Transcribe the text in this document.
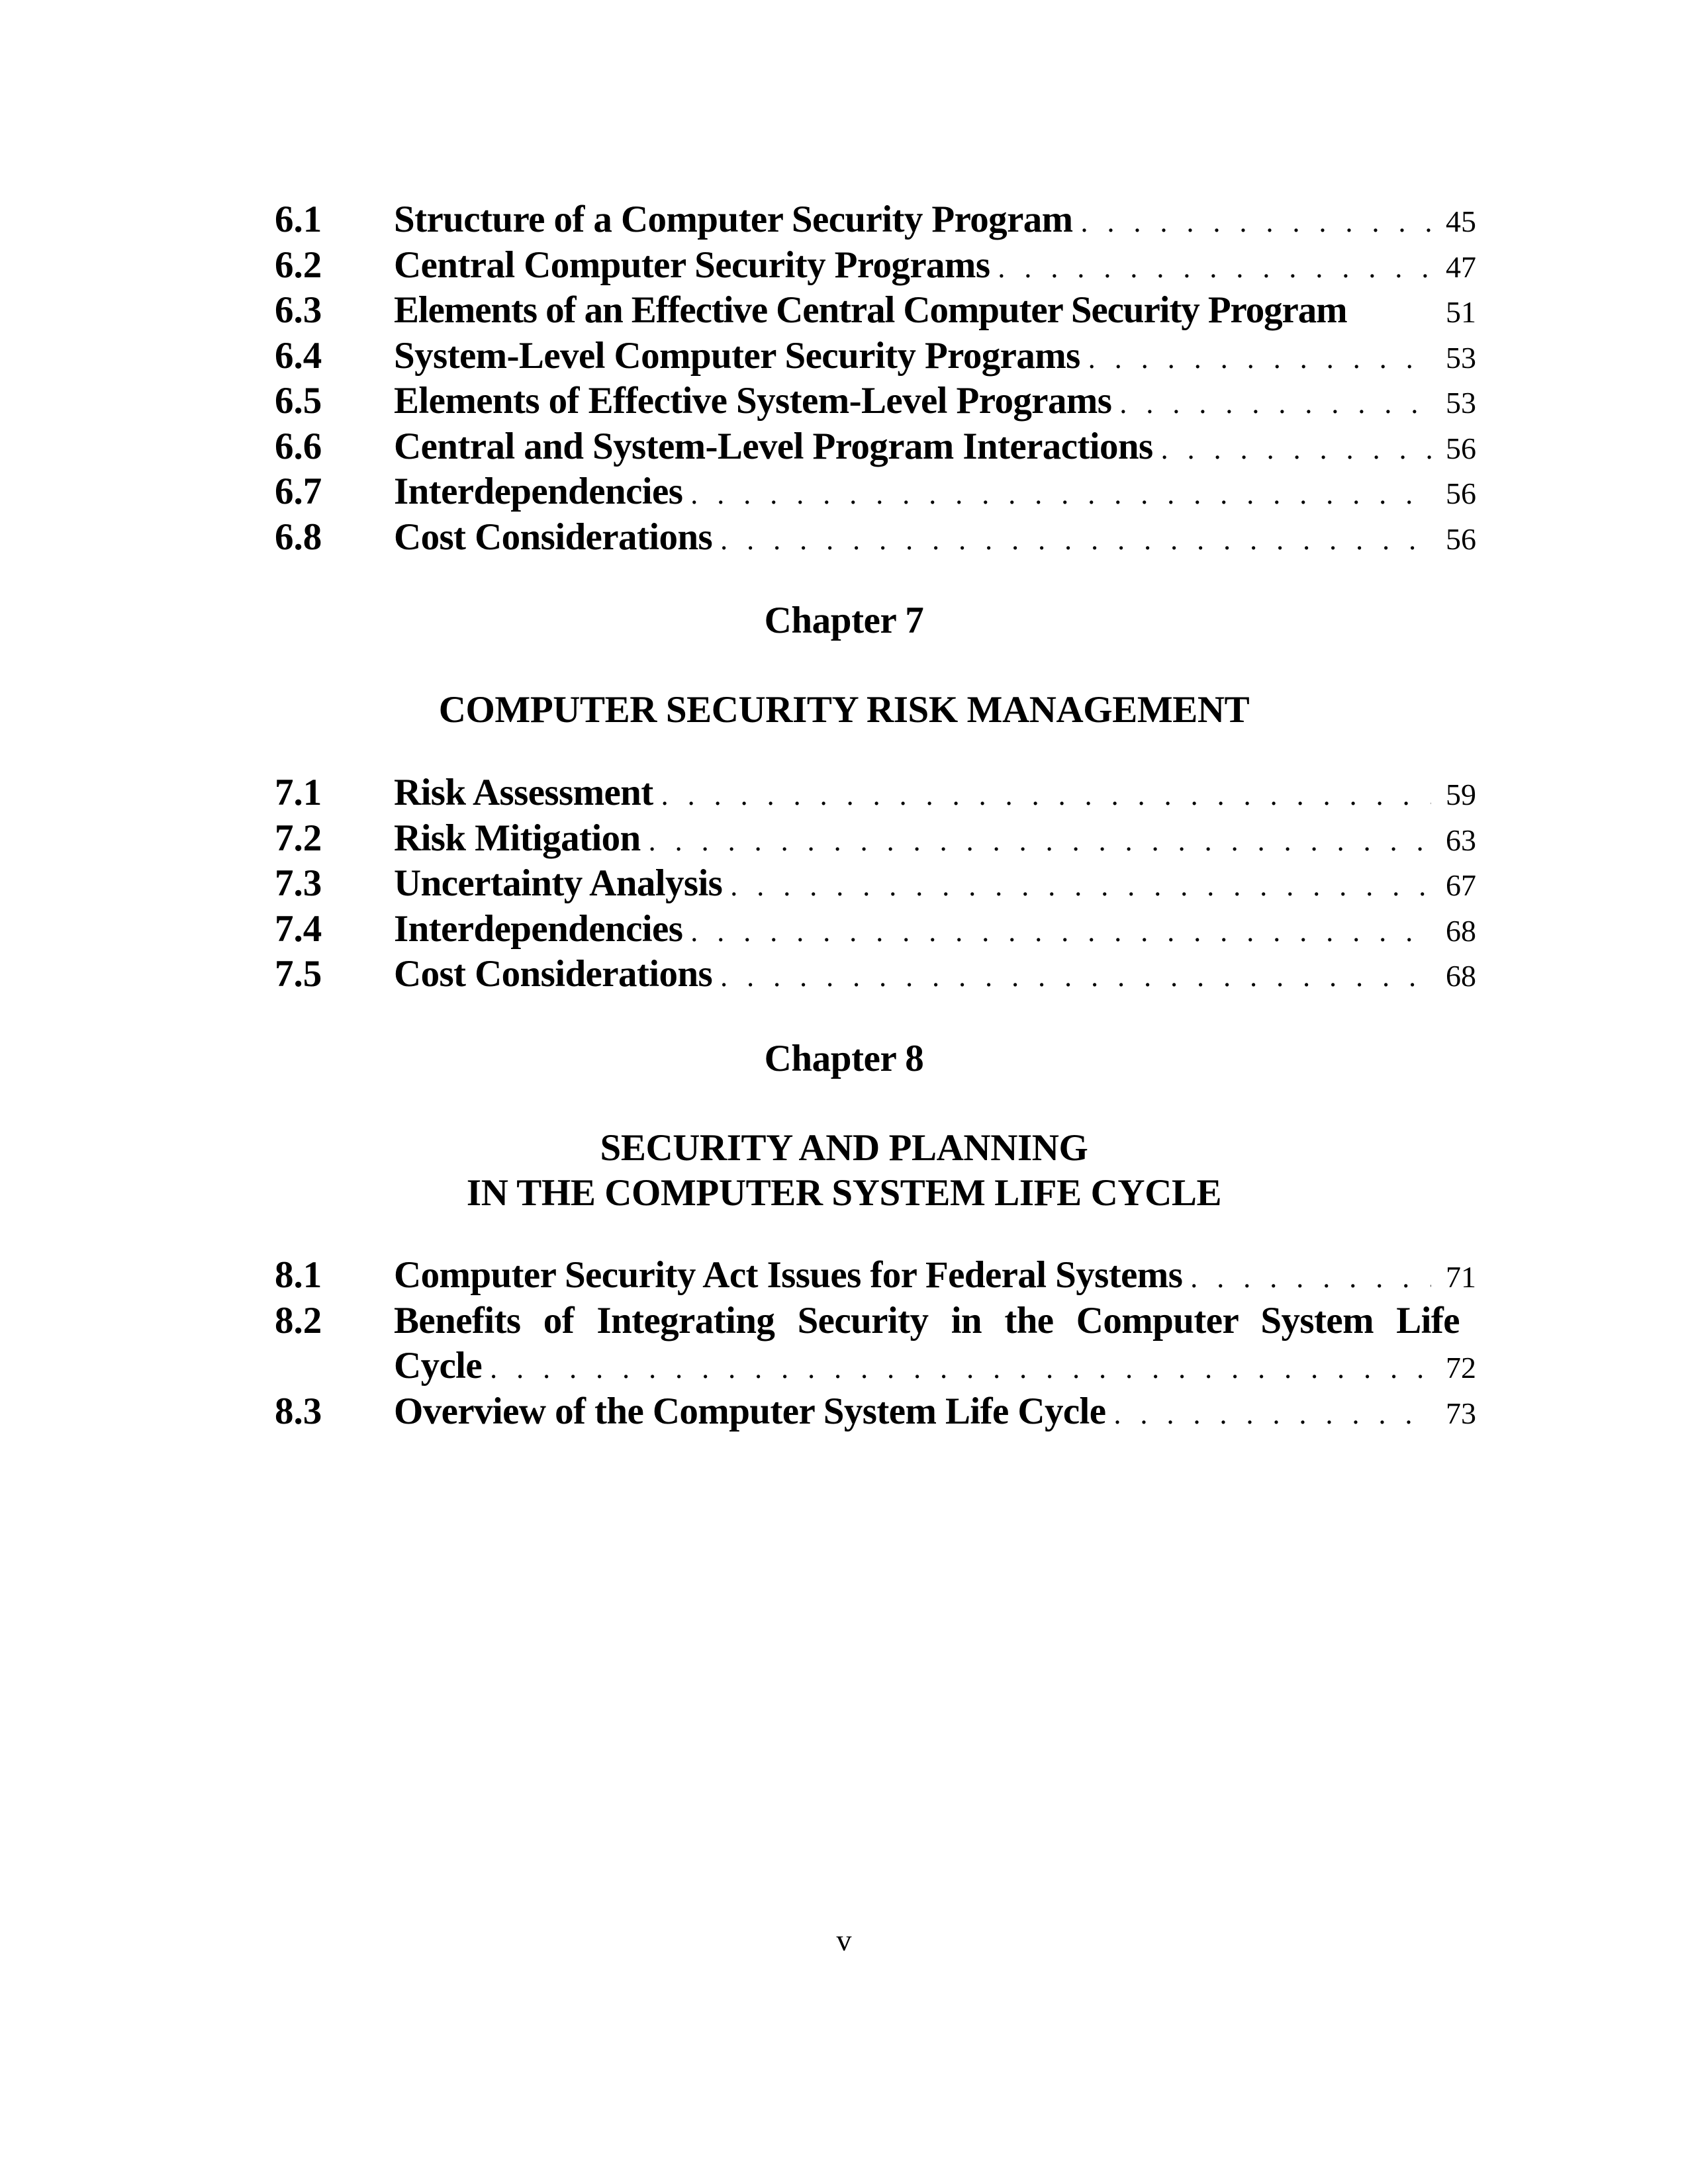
6.1 Structure of a Computer Security Program . . .	45
6.2 Central Computer Security Programs . . .	47
6.3 Elements of an Effective Central Computer Security Program	51
6.4 System-Level Computer Security Programs . . .	53
6.5 Elements of Effective System-Level Programs . . .	53
6.6 Central and System-Level Program Interactions . . .	56
6.7 Interdependencies . . .	56
6.8 Cost Considerations . . .	56
Chapter 7
COMPUTER SECURITY RISK MANAGEMENT
7.1 Risk Assessment . . .	59
7.2 Risk Mitigation . . .	63
7.3 Uncertainty Analysis . . .	67
7.4 Interdependencies . . .	68
7.5 Cost Considerations . . .	68
Chapter 8
SECURITY AND PLANNING
IN THE COMPUTER SYSTEM LIFE CYCLE
8.1 Computer Security Act Issues for Federal Systems . . .	71
8.2 Benefits of Integrating Security in the Computer System Life
Cycle . . .	72
8.3 Overview of the Computer System Life Cycle . . .	73
v
